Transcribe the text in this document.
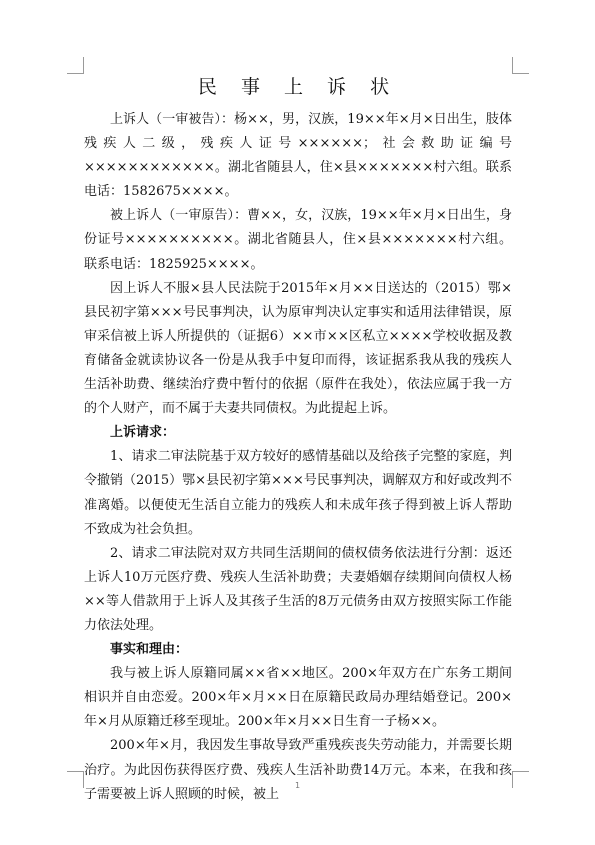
民 事 上 诉 状

上诉人（一审被告）：杨××，男，汉族，19××年×月×日出生，肢体残疾人二级，残疾人证号××××××；社会救助证编号××××××××××××。湖北省随县人，住×县×××××××村六组。联系电话：1582675××××。

被上诉人（一审原告）：曹××，女，汉族，19××年×月×日出生，身份证号××××××××××。湖北省随县人，住×县×××××××村六组。联系电话：1825925××××。

因上诉人不服×县人民法院于2015年×月××日送达的（2015）鄂×县民初字第×××号民事判决，认为原审判决认定事实和适用法律错误，原审采信被上诉人所提供的（证据6）××市××区私立××××学校收据及教育储备金就读协议各一份是从我手中复印而得，该证据系我从我的残疾人生活补助费、继续治疗费中暂付的依据（原件在我处），依法应属于我一方的个人财产，而不属于夫妻共同债权。为此提起上诉。

上诉请求：

1、请求二审法院基于双方较好的感情基础以及给孩子完整的家庭，判令撤销（2015）鄂×县民初字第×××号民事判决，调解双方和好或改判不准离婚。以便使无生活自立能力的残疾人和未成年孩子得到被上诉人帮助不致成为社会负担。

2、请求二审法院对双方共同生活期间的债权债务依法进行分割：返还上诉人10万元医疗费、残疾人生活补助费；夫妻婚姻存续期间向债权人杨××等人借款用于上诉人及其孩子生活的8万元债务由双方按照实际工作能力依法处理。

事实和理由：

我与被上诉人原籍同属××省××地区。200×年双方在广东务工期间相识并自由恋爱。200×年×月××日在原籍民政局办理结婚登记。200×年×月从原籍迁移至现址。200×年×月××日生育一子杨××。

200×年×月，我因发生事故导致严重残疾丧失劳动能力，并需要长期治疗。为此因伤获得医疗费、残疾人生活补助费14万元。本来，在我和孩子需要被上诉人照顾的时候，被上

1
